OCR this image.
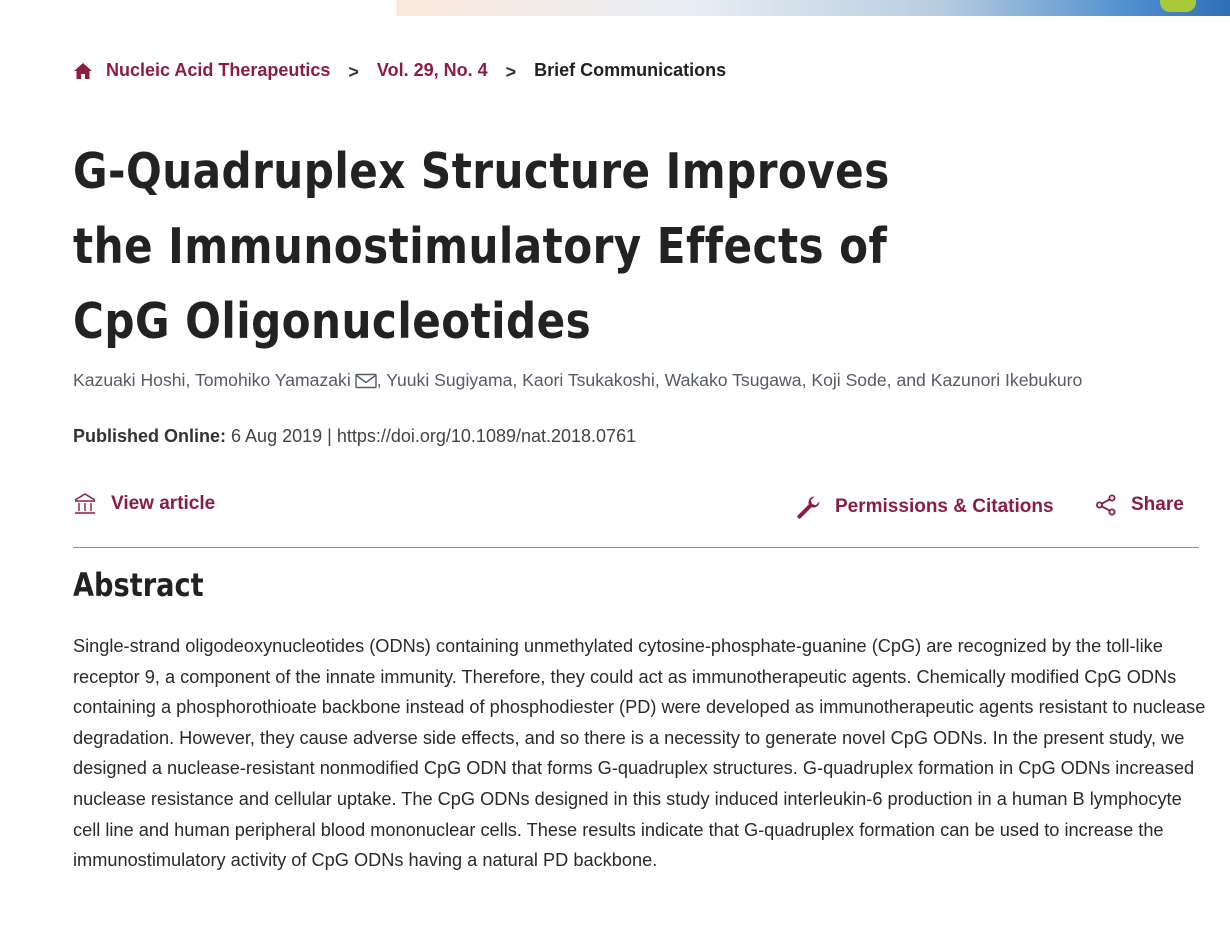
Nucleic Acid Therapeutics > Vol. 29, No. 4 > Brief Communications
G-Quadruplex Structure Improves the Immunostimulatory Effects of CpG Oligonucleotides
Kazuaki Hoshi, Tomohiko Yamazaki , Yuuki Sugiyama, Kaori Tsukakoshi, Wakako Tsugawa, Koji Sode, and Kazunori Ikebukuro
Published Online: 6 Aug 2019 | https://doi.org/10.1089/nat.2018.0761
View article	Permissions & Citations	Share
Abstract

Single-strand oligodeoxynucleotides (ODNs) containing unmethylated cytosine-phosphate-guanine (CpG) are recognized by the toll-like receptor 9, a component of the innate immunity. Therefore, they could act as immunotherapeutic agents. Chemically modified CpG ODNs containing a phosphorothioate backbone instead of phosphodiester (PD) were developed as immunotherapeutic agents resistant to nuclease degradation. However, they cause adverse side effects, and so there is a necessity to generate novel CpG ODNs. In the present study, we designed a nuclease-resistant nonmodified CpG ODN that forms G-quadruplex structures. G-quadruplex formation in CpG ODNs increased nuclease resistance and cellular uptake. The CpG ODNs designed in this study induced interleukin-6 production in a human B lymphocyte cell line and human peripheral blood mononuclear cells. These results indicate that G-quadruplex formation can be used to increase the immunostimulatory activity of CpG ODNs having a natural PD backbone.
